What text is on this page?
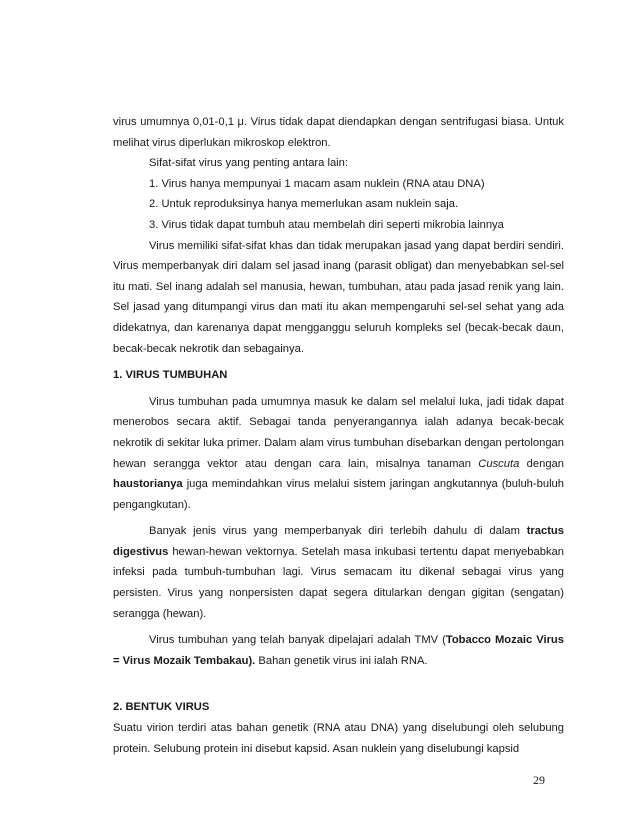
virus umumnya 0,01-0,1 μ. Virus tidak dapat diendapkan dengan sentrifugasi biasa. Untuk melihat virus diperlukan mikroskop elektron.

Sifat-sifat virus yang penting antara lain:

1. Virus hanya mempunyai 1 macam asam nuklein (RNA atau DNA)
2. Untuk reproduksinya hanya memerlukan asam nuklein saja.
3. Virus tidak dapat tumbuh atau membelah diri seperti mikrobia lainnya

Virus memiliki sifat-sifat khas dan tidak merupakan jasad yang dapat berdiri sendiri. Virus memperbanyak diri dalam sel jasad inang (parasit obligat) dan menyebabkan sel-sel itu mati. Sel inang adalah sel manusia, hewan, tumbuhan, atau pada jasad renik yang lain. Sel jasad yang ditumpangi virus dan mati itu akan mempengaruhi sel-sel sehat yang ada didekatnya, dan karenanya dapat mengganggu seluruh kompleks sel (becak-becak daun, becak-becak nekrotik dan sebagainya.

1. VIRUS TUMBUHAN

Virus tumbuhan pada umumnya masuk ke dalam sel melalui luka, jadi tidak dapat menerobos secara aktif. Sebagai tanda penyerangannya ialah adanya becak-becak nekrotik di sekitar luka primer. Dalam alam virus tumbuhan disebarkan dengan pertolongan hewan serangga vektor atau dengan cara lain, misalnya tanaman Cuscuta dengan haustorianya juga memindahkan virus melalui sistem jaringan angkutannya (buluh-buluh pengangkutan).

Banyak jenis virus yang memperbanyak diri terlebih dahulu di dalam tractus digestivus hewan-hewan vektornya. Setelah masa inkubasi tertentu dapat menyebabkan infeksi pada tumbuh-tumbuhan lagi. Virus semacam itu dikenal sebagai virus yang persisten. Virus yang nonpersisten dapat segera ditularkan dengan gigitan (sengatan) serangga (hewan).

Virus tumbuhan yang telah banyak dipelajari adalah TMV (Tobacco Mozaic Virus = Virus Mozaik Tembakau). Bahan genetik virus ini ialah RNA.

2. BENTUK VIRUS

Suatu virion terdiri atas bahan genetik (RNA atau DNA) yang diselubungi oleh selubung protein. Selubung protein ini disebut kapsid. Asan nuklein yang diselubungi kapsid

29
